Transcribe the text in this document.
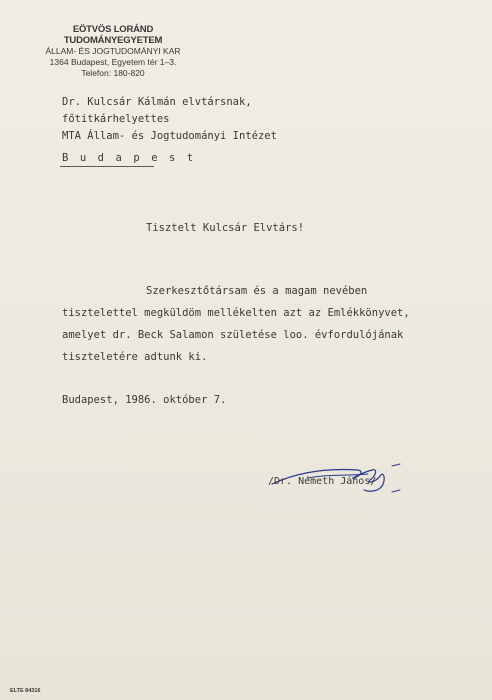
EÖTVÖS LORÁND TUDOMÁNYEGYETEM
ÁLLAM- ÉS JOGTUDOMÁNYI KAR
1364 Budapest, Egyetem tér 1–3.
Telefon: 180-820
Dr. Kulcsár Kálmán elvtársnak,
főtitkárhelyettes
MTA Állam- és Jogtudományi Intézet
B u d a p e s t
Tisztelt Kulcsár Elvtárs!
Szerkesztőtársam és a magam nevében
tisztelettel megküldöm mellékelten azt az Emlékkönyvet,
amelyet dr. Beck Salamon születése loo. évfordulójának
tiszteletére adtunk ki.
Budapest, 1986. október 7.
/Dr. Németh János/
ELTE 84316
